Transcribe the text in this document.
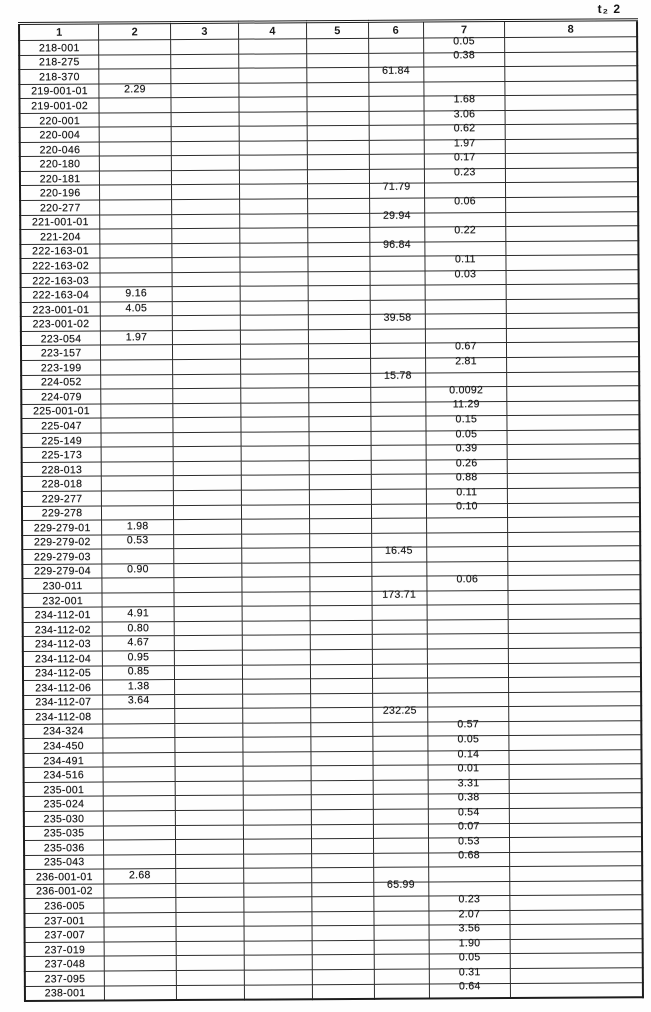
t₂ 2
1	2	3	4	5	6	7	8
218-001						0.05	
218-275						0.38	
218-370					61.84		
219-001-01	2.29						
219-001-02						1.68	
220-001						3.06	
220-004						0.62	
220-046						1.97	
220-180						0.17	
220-181						0.23	
220-196					71.79		
220-277						0.06	
221-001-01					29.94		
221-204						0.22	
222-163-01					96.84		
222-163-02						0.11	
222-163-03						0.03	
222-163-04	9.16						
223-001-01	4.05						
223-001-02					39.58		
223-054	1.97						
223-157						0.67	
223-199						2.81	
224-052					15.78		
224-079						0.0092	
225-001-01						11.29	
225-047						0.15	
225-149						0.05	
225-173						0.39	
228-013						0.26	
228-018						0.88	
229-277						0.11	
229-278						0.10	
229-279-01	1.98						
229-279-02	0.53						
229-279-03					16.45		
229-279-04	0.90						
230-011						0.06	
232-001					173.71		
234-112-01	4.91						
234-112-02	0.80						
234-112-03	4.67						
234-112-04	0.95						
234-112-05	0.85						
234-112-06	1.38						
234-112-07	3.64						
234-112-08					232.25		
234-324						0.57	
234-450						0.05	
234-491						0.14	
234-516						0.01	
235-001						3.31	
235-024						0.38	
235-030						0.54	
235-035						0.07	
235-036						0.53	
235-043						0.68	
236-001-01	2.68						
236-001-02					65.99		
236-005						0.23	
237-001						2.07	
237-007						3.56	
237-019						1.90	
237-048						0.05	
237-095						0.31	
238-001						0.64	
